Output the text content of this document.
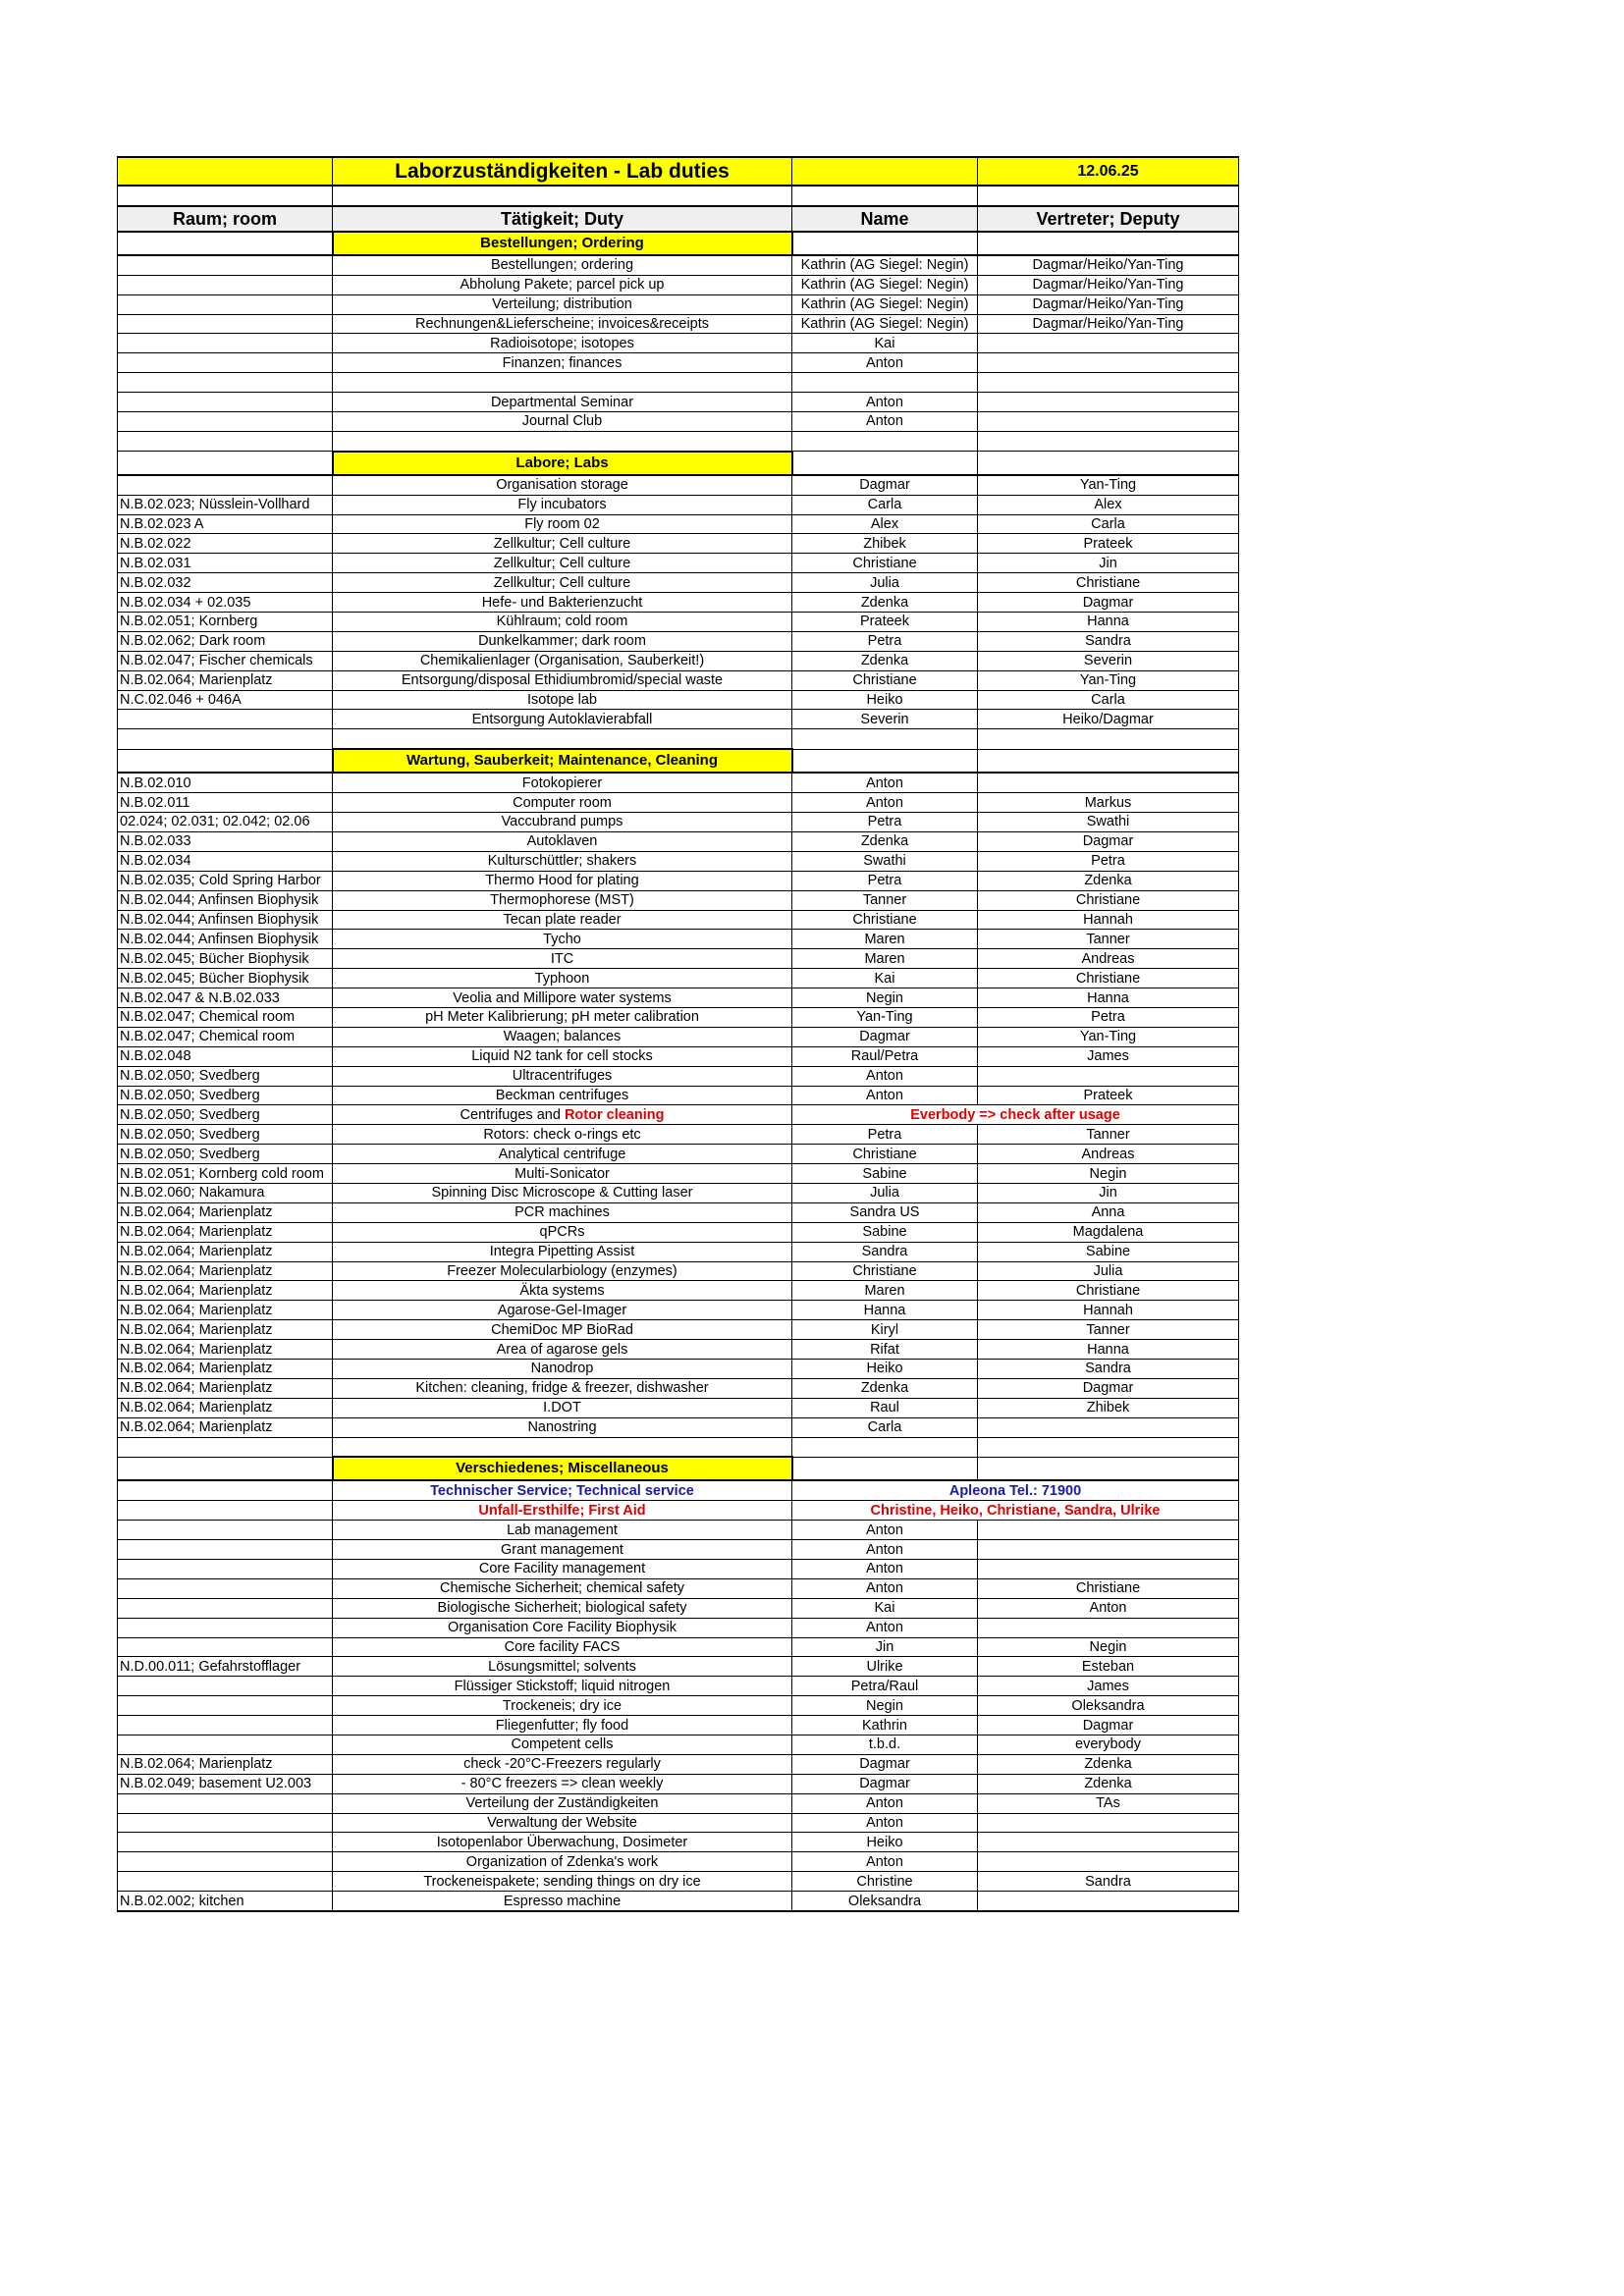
	Laborzuständigkeiten - Lab duties		12.06.25

Raum; room	Tätigkeit; Duty	Name	Vertreter; Deputy
	Bestellungen; Ordering		
	Bestellungen; ordering	Kathrin (AG Siegel: Negin)	Dagmar/Heiko/Yan-Ting
	Abholung Pakete; parcel pick up	Kathrin (AG Siegel: Negin)	Dagmar/Heiko/Yan-Ting
	Verteilung; distribution	Kathrin (AG Siegel: Negin)	Dagmar/Heiko/Yan-Ting
	Rechnungen&Lieferscheine; invoices&receipts	Kathrin (AG Siegel: Negin)	Dagmar/Heiko/Yan-Ting
	Radioisotope; isotopes	Kai	
	Finanzen; finances	Anton	

	Departmental Seminar	Anton	
	Journal Club	Anton	

	Labore; Labs		
	Organisation storage	Dagmar	Yan-Ting
N.B.02.023; Nüsslein-Vollhard	Fly incubators	Carla	Alex
N.B.02.023 A	Fly room 02	Alex	Carla
N.B.02.022	Zellkultur; Cell culture	Zhibek	Prateek
N.B.02.031	Zellkultur; Cell culture	Christiane	Jin
N.B.02.032	Zellkultur; Cell culture	Julia	Christiane
N.B.02.034 + 02.035	Hefe- und Bakterienzucht	Zdenka	Dagmar
N.B.02.051; Kornberg	Kühlraum; cold room	Prateek	Hanna
N.B.02.062; Dark room	Dunkelkammer; dark room	Petra	Sandra
N.B.02.047; Fischer chemicals	Chemikalienlager (Organisation, Sauberkeit!)	Zdenka	Severin
N.B.02.064; Marienplatz	Entsorgung/disposal Ethidiumbromid/special waste	Christiane	Yan-Ting
N.C.02.046 + 046A	Isotope lab	Heiko	Carla
	Entsorgung Autoklavierabfall	Severin	Heiko/Dagmar

	Wartung, Sauberkeit; Maintenance, Cleaning		
N.B.02.010	Fotokopierer	Anton	
N.B.02.011	Computer room	Anton	Markus
02.024; 02.031; 02.042; 02.06	Vaccubrand pumps	Petra	Swathi
N.B.02.033	Autoklaven	Zdenka	Dagmar
N.B.02.034	Kulturschüttler; shakers	Swathi	Petra
N.B.02.035; Cold Spring Harbor	Thermo Hood for plating	Petra	Zdenka
N.B.02.044; Anfinsen Biophysik	Thermophorese (MST)	Tanner	Christiane
N.B.02.044; Anfinsen Biophysik	Tecan plate reader	Christiane	Hannah
N.B.02.044; Anfinsen Biophysik	Tycho	Maren	Tanner
N.B.02.045; Bücher Biophysik	ITC	Maren	Andreas
N.B.02.045; Bücher Biophysik	Typhoon	Kai	Christiane
N.B.02.047 & N.B.02.033	Veolia and Millipore water systems	Negin	Hanna
N.B.02.047; Chemical room	pH Meter Kalibrierung; pH meter calibration	Yan-Ting	Petra
N.B.02.047; Chemical room	Waagen; balances	Dagmar	Yan-Ting
N.B.02.048	Liquid N2 tank for cell stocks	Raul/Petra	James
N.B.02.050; Svedberg	Ultracentrifuges	Anton	
N.B.02.050; Svedberg	Beckman centrifuges	Anton	Prateek
N.B.02.050; Svedberg	Centrifuges and Rotor cleaning	Everbody => check after usage	
N.B.02.050; Svedberg	Rotors: check o-rings etc	Petra	Tanner
N.B.02.050; Svedberg	Analytical centrifuge	Christiane	Andreas
N.B.02.051; Kornberg cold room	Multi-Sonicator	Sabine	Negin
N.B.02.060; Nakamura	Spinning Disc Microscope & Cutting laser	Julia	Jin
N.B.02.064; Marienplatz	PCR machines	Sandra US	Anna
N.B.02.064; Marienplatz	qPCRs	Sabine	Magdalena
N.B.02.064; Marienplatz	Integra Pipetting Assist	Sandra	Sabine
N.B.02.064; Marienplatz	Freezer Molecularbiology (enzymes)	Christiane	Julia
N.B.02.064; Marienplatz	Äkta systems	Maren	Christiane
N.B.02.064; Marienplatz	Agarose-Gel-Imager	Hanna	Hannah
N.B.02.064; Marienplatz	ChemiDoc MP BioRad	Kiryl	Tanner
N.B.02.064; Marienplatz	Area of agarose gels	Rifat	Hanna
N.B.02.064; Marienplatz	Nanodrop	Heiko	Sandra
N.B.02.064; Marienplatz	Kitchen: cleaning, fridge & freezer, dishwasher	Zdenka	Dagmar
N.B.02.064; Marienplatz	I.DOT	Raul	Zhibek
N.B.02.064; Marienplatz	Nanostring	Carla	

	Verschiedenes; Miscellaneous		
	Technischer Service; Technical service	Apleona Tel.: 71900	
	Unfall-Ersthilfe; First Aid	Christine, Heiko, Christiane, Sandra, Ulrike	
	Lab management	Anton	
	Grant management	Anton	
	Core Facility management	Anton	
	Chemische Sicherheit; chemical safety	Anton	Christiane
	Biologische Sicherheit; biological safety	Kai	Anton
	Organisation Core Facility Biophysik	Anton	
	Core facility FACS	Jin	Negin
N.D.00.011; Gefahrstofflager	Lösungsmittel; solvents	Ulrike	Esteban
	Flüssiger Stickstoff; liquid nitrogen	Petra/Raul	James
	Trockeneis; dry ice	Negin	Oleksandra
	Fliegenfutter; fly food	Kathrin	Dagmar
	Competent cells	t.b.d.	everybody
N.B.02.064; Marienplatz	check -20°C-Freezers regularly	Dagmar	Zdenka
N.B.02.049; basement U2.003	- 80°C freezers => clean weekly	Dagmar	Zdenka
	Verteilung der Zuständigkeiten	Anton	TAs
	Verwaltung der Website	Anton	
	Isotopenlabor Überwachung, Dosimeter	Heiko	
	Organization of Zdenka's work	Anton	
	Trockeneispakete; sending things on dry ice	Christine	Sandra
N.B.02.002; kitchen	Espresso machine	Oleksandra	
